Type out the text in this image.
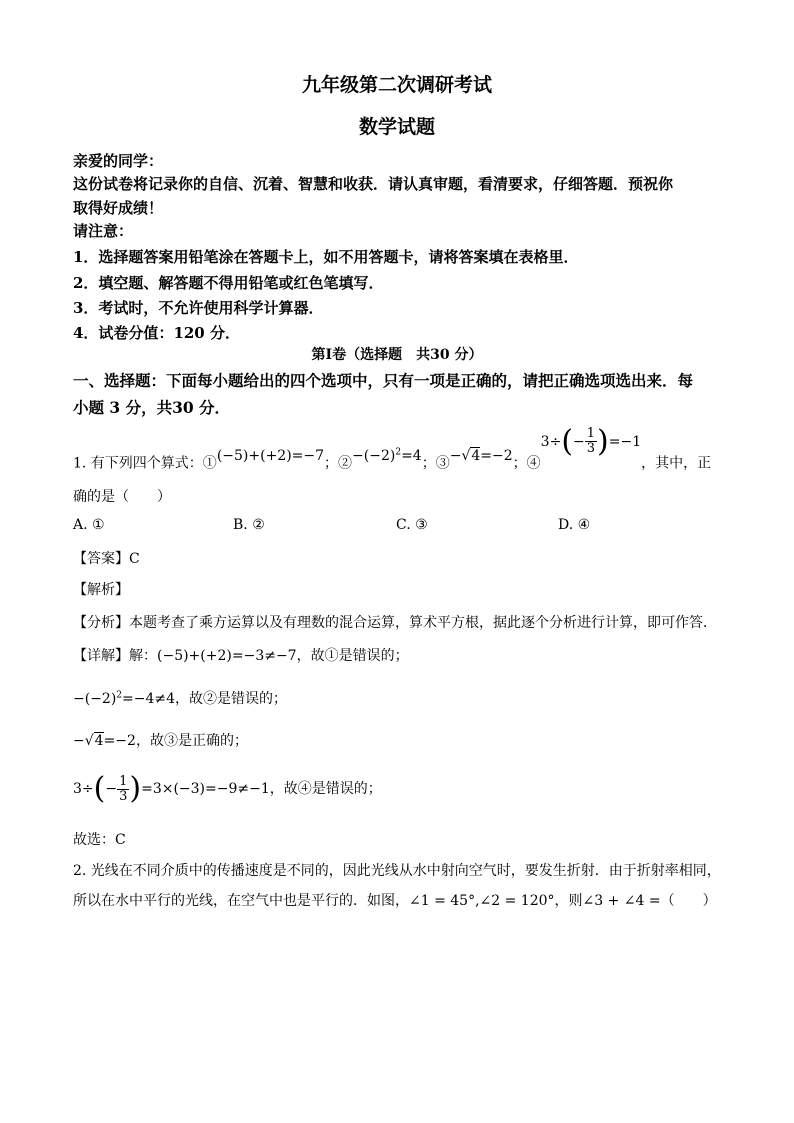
九年级第二次调研考试
数学试题
亲爱的同学：
这份试卷将记录你的自信、沉着、智慧和收获．请认真审题，看清要求，仔细答题．预祝你
取得好成绩！
请注意：
1．选择题答案用铅笔涂在答题卡上，如不用答题卡，请将答案填在表格里．
2．填空题、解答题不得用铅笔或红色笔填写．
3．考试时，不允许使用科学计算器．
4．试卷分值：120 分．
第Ⅰ卷（选择题　共30 分）
一、选择题：下面每小题给出的四个选项中，只有一项是正确的，请把正确选项选出来．每
小题 3 分，共30 分．
1. 有下列四个算式：①(−5)+(+2)=−7；$②-(-2)^2=4$；③−√4=−2；④3÷(− $\frac{1}{3} )=-1$，其中，正
确的是（　　）
A. ①	B. ②	C. ③	D. ④
【答案】C
【解析】
【分析】本题考查了乘方运算以及有理数的混合运算，算术平方根，据此逐个分析进行计算，即可作答．
【详解】解：(−5)+(+2)=−3≠−7，故①是错误的；
$-(-2)^2=-4\ne 4$，故②是错误的；
−√4=−2，故③是正确的；
$3\div(- \frac{1}{3} )=3\times(-3)=-9\ne-1$，故④是错误的；
故选：C
2. 光线在不同介质中的传播速度是不同的，因此光线从水中射向空气时，要发生折射．由于折射率相同，
所以在水中平行的光线，在空气中也是平行的．如图，∠1 = 45°,∠2 = 120°，则∠3 + ∠4 =（　　）
